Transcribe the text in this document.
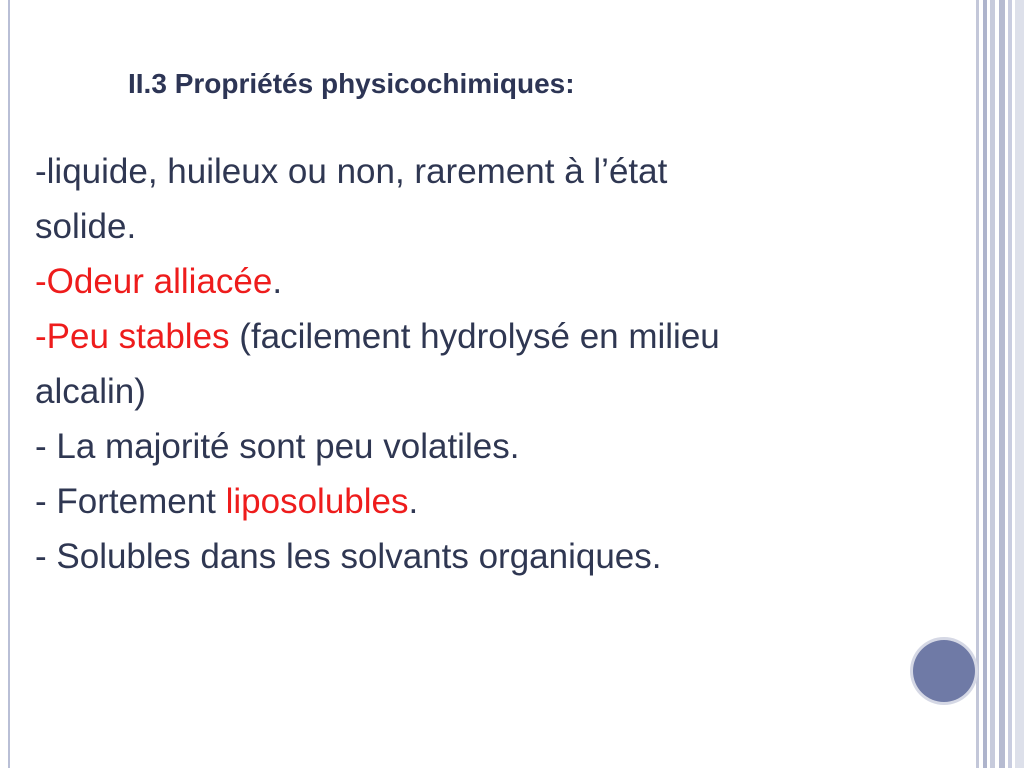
II.3 Propriétés physicochimiques:
-liquide, huileux ou non, rarement à l’état
solide.
-Odeur alliacée.
-Peu stables (facilement hydrolysé en milieu
alcalin)
- La majorité sont peu volatiles.
- Fortement liposolubles.
- Solubles dans les solvants organiques.
